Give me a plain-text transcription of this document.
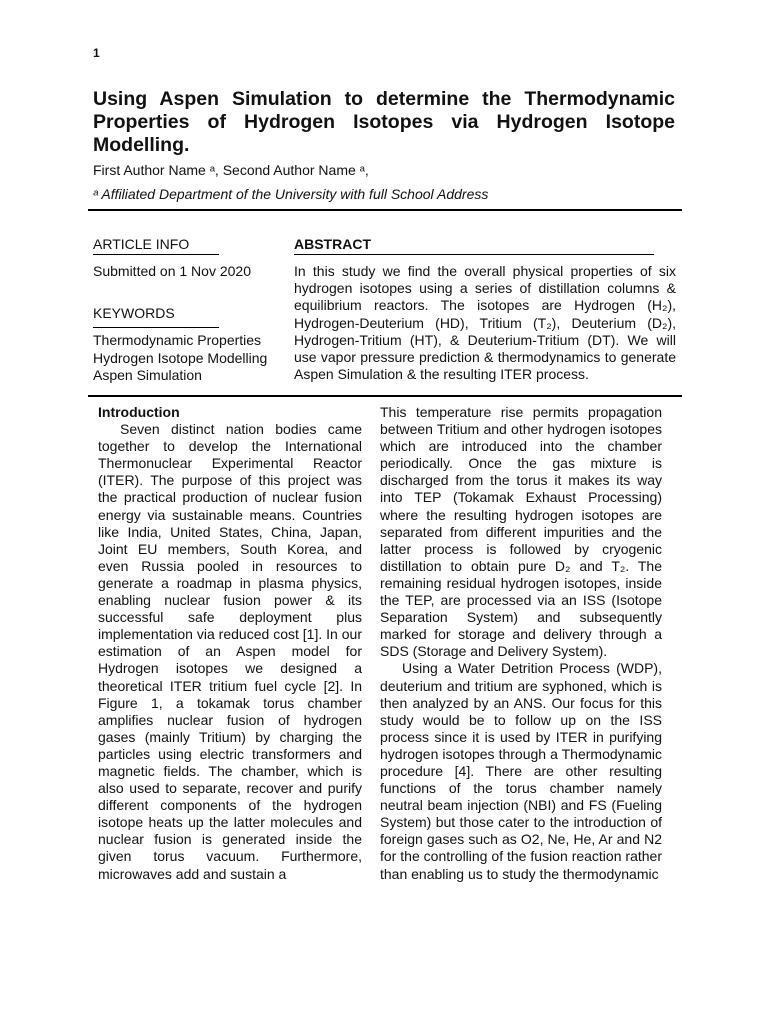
1
Using Aspen Simulation to determine the Thermodynamic Properties of Hydrogen Isotopes via Hydrogen Isotope Modelling.
First Author Name ᵃ, Second Author Name ᵃ,
ᵃ Affiliated Department of the University with full School Address
ARTICLE INFO	ABSTRACT
Submitted on 1 Nov 2020
KEYWORDS
Thermodynamic Properties
Hydrogen Isotope Modelling
Aspen Simulation

In this study we find the overall physical properties of six hydrogen isotopes using a series of distillation columns & equilibrium reactors. The isotopes are Hydrogen (H₂), Hydrogen-Deuterium (HD), Tritium (T₂), Deuterium (D₂), Hydrogen-Tritium (HT), & Deuterium-Tritium (DT). We will use vapor pressure prediction & thermodynamics to generate Aspen Simulation & the resulting ITER process.

Introduction

Seven distinct nation bodies came together to develop the International Thermonuclear Experimental Reactor (ITER). The purpose of this project was the practical production of nuclear fusion energy via sustainable means. Countries like India, United States, China, Japan, Joint EU members, South Korea, and even Russia pooled in resources to generate a roadmap in plasma physics, enabling nuclear fusion power & its successful safe deployment plus implementation via reduced cost [1]. In our estimation of an Aspen model for Hydrogen isotopes we designed a theoretical ITER tritium fuel cycle [2]. In Figure 1, a tokamak torus chamber amplifies nuclear fusion of hydrogen gases (mainly Tritium) by charging the particles using electric transformers and magnetic fields. The chamber, which is also used to separate, recover and purify different components of the hydrogen isotope heats up the latter molecules and nuclear fusion is generated inside the given torus vacuum. Furthermore, microwaves add and sustain a

This temperature rise permits propagation between Tritium and other hydrogen isotopes which are introduced into the chamber periodically. Once the gas mixture is discharged from the torus it makes its way into TEP (Tokamak Exhaust Processing) where the resulting hydrogen isotopes are separated from different impurities and the latter process is followed by cryogenic distillation to obtain pure D₂ and T₂. The remaining residual hydrogen isotopes, inside the TEP, are processed via an ISS (Isotope Separation System) and subsequently marked for storage and delivery through a SDS (Storage and Delivery System).

Using a Water Detrition Process (WDP), deuterium and tritium are syphoned, which is then analyzed by an ANS. Our focus for this study would be to follow up on the ISS process since it is used by ITER in purifying hydrogen isotopes through a Thermodynamic procedure [4]. There are other resulting functions of the torus chamber namely neutral beam injection (NBI) and FS (Fueling System) but those cater to the introduction of foreign gases such as O2, Ne, He, Ar and N2 for the controlling of the fusion reaction rather than enabling us to study the thermodynamic
